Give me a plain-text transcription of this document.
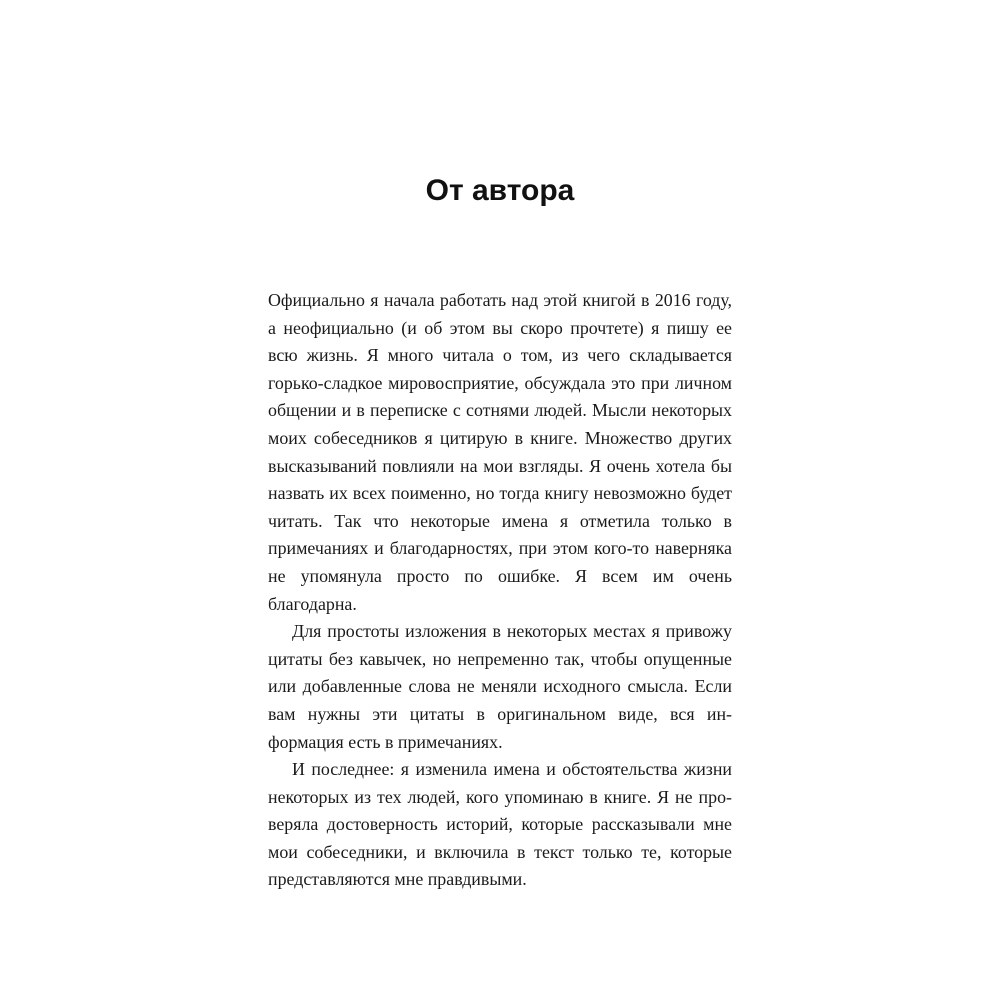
От автора

Официально я начала работать над этой книгой в 2016 году, а неофициально (и об этом вы скоро прочтете) я пишу ее всю жизнь. Я много читала о том, из чего складывается горько-сладкое мировосприятие, обсуждала это при личном общении и в переписке с сотнями людей. Мысли некоторых моих собеседников я цитирую в книге. Множество других высказываний повлияли на мои взгляды. Я очень хотела бы назвать их всех поименно, но тогда книгу невозможно будет читать. Так что некоторые имена я отметила только в примечаниях и благодарностях, при этом кого-то наверняка не упомянула просто по ошибке. Я всем им очень благодарна.

Для простоты изложения в некоторых местах я привожу цитаты без кавычек, но непременно так, чтобы опущенные или добавленные слова не меняли исходного смысла. Если вам нужны эти цитаты в оригинальном виде, вся информация есть в примечаниях.

И последнее: я изменила имена и обстоятельства жизни некоторых из тех людей, кого упоминаю в книге. Я не проверяла достоверность историй, которые рассказывали мне мои собеседники, и включила в текст только те, которые представляются мне правдивыми.
